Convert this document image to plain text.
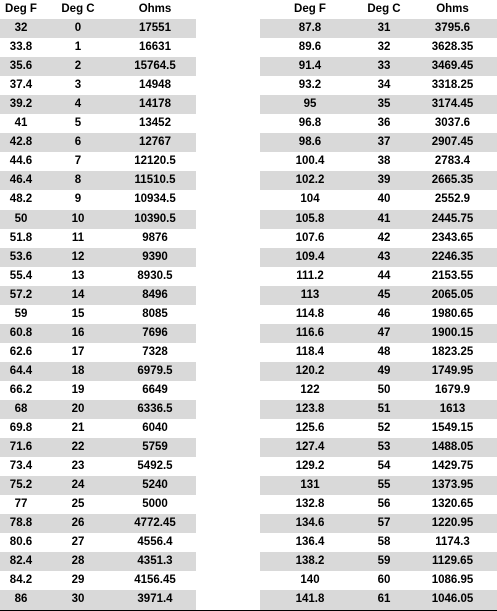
Deg F	Deg C	Ohms		Deg F	Deg C	Ohms
32	0	17551		87.8	31	3795.6
33.8	1	16631		89.6	32	3628.35
35.6	2	15764.5		91.4	33	3469.45
37.4	3	14948		93.2	34	3318.25
39.2	4	14178		95	35	3174.45
41	5	13452		96.8	36	3037.6
42.8	6	12767		98.6	37	2907.45
44.6	7	12120.5		100.4	38	2783.4
46.4	8	11510.5		102.2	39	2665.35
48.2	9	10934.5		104	40	2552.9
50	10	10390.5		105.8	41	2445.75
51.8	11	9876		107.6	42	2343.65
53.6	12	9390		109.4	43	2246.35
55.4	13	8930.5		111.2	44	2153.55
57.2	14	8496		113	45	2065.05
59	15	8085		114.8	46	1980.65
60.8	16	7696		116.6	47	1900.15
62.6	17	7328		118.4	48	1823.25
64.4	18	6979.5		120.2	49	1749.95
66.2	19	6649		122	50	1679.9
68	20	6336.5		123.8	51	1613
69.8	21	6040		125.6	52	1549.15
71.6	22	5759		127.4	53	1488.05
73.4	23	5492.5		129.2	54	1429.75
75.2	24	5240		131	55	1373.95
77	25	5000		132.8	56	1320.65
78.8	26	4772.45		134.6	57	1220.95
80.6	27	4556.4		136.4	58	1174.3
82.4	28	4351.3		138.2	59	1129.65
84.2	29	4156.45		140	60	1086.95
86	30	3971.4		141.8	61	1046.05
